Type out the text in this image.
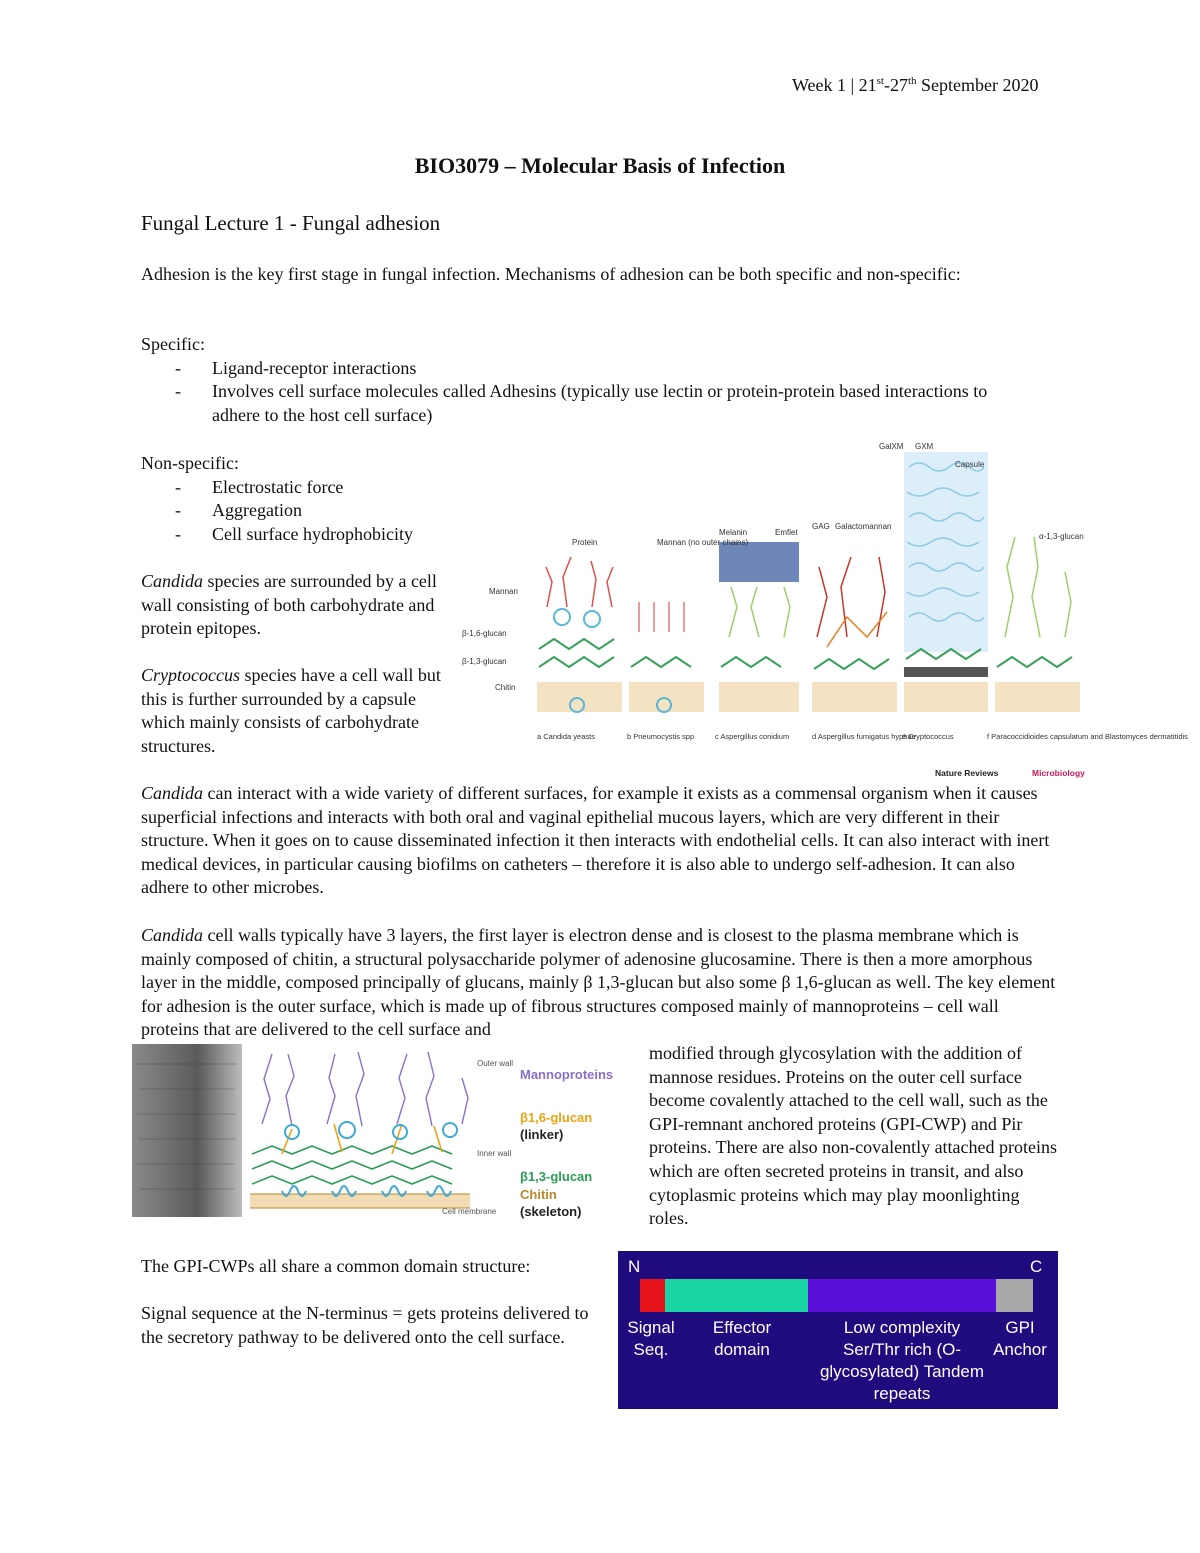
Week 1 | 21st-27th September 2020
BIO3079 – Molecular Basis of Infection
Fungal Lecture 1 - Fungal adhesion
Adhesion is the key first stage in fungal infection. Mechanisms of adhesion can be both specific and non-specific:
Specific:
- Ligand-receptor interactions
- Involves cell surface molecules called Adhesins (typically use lectin or protein-protein based interactions to adhere to the host cell surface)
Non-specific:
- Electrostatic force
- Aggregation
- Cell surface hydrophobicity
Candida species are surrounded by a cell wall consisting of both carbohydrate and protein epitopes.
Cryptococcus species have a cell wall but this is further surrounded by a capsule which mainly consists of carbohydrate structures.
GalXM GXM
Capsule
α-1,3-glucan
Protein	Mannan (no outer chains)
Melanin	Emfiet
GAG Galactomannan
Mannan
β-1,6-glucan
β-1,3-glucan
Chitin
a Candida yeasts	b Pneumocystis spp	c Aspergillus conidium	d Aspergillus fumigatus hyphae
e Cryptococcus	f Paracoccidioides capsulatum and Blastomyces dermatitidis
Nature Reviews	Microbiology
Candida can interact with a wide variety of different surfaces, for example it exists as a commensal organism when it causes superficial infections and interacts with both oral and vaginal epithelial mucous layers, which are very different in their structure. When it goes on to cause disseminated infection it then interacts with endothelial cells. It can also interact with inert medical devices, in particular causing biofilms on catheters – therefore it is also able to undergo self-adhesion. It can also adhere to other microbes.
Candida cell walls typically have 3 layers, the first layer is electron dense and is closest to the plasma membrane which is mainly composed of chitin, a structural polysaccharide polymer of adenosine glucosamine. There is then a more amorphous layer in the middle, composed principally of glucans, mainly β 1,3-glucan but also some β 1,6-glucan as well. The key element for adhesion is the outer surface, which is made up of fibrous structures composed mainly of mannoproteins – cell wall proteins that are delivered to the cell surface and
Outer wall
Inner wall
Cell membrane
Mannoproteins
β1,6-glucan
(linker)
β1,3-glucan
Chitin
(skeleton)
modified through glycosylation with the addition of mannose residues. Proteins on the outer cell surface become covalently attached to the cell wall, such as the GPI-remnant anchored proteins (GPI-CWP) and Pir proteins. There are also non-covalently attached proteins which are often secreted proteins in transit, and also cytoplasmic proteins which may play moonlighting roles.
The GPI-CWPs all share a common domain structure:
Signal sequence at the N-terminus = gets proteins delivered to the secretory pathway to be delivered onto the cell surface.
N	C
Signal Seq.
Effector domain
Low complexity Ser/Thr rich (O-glycosylated) Tandem repeats
GPI Anchor
